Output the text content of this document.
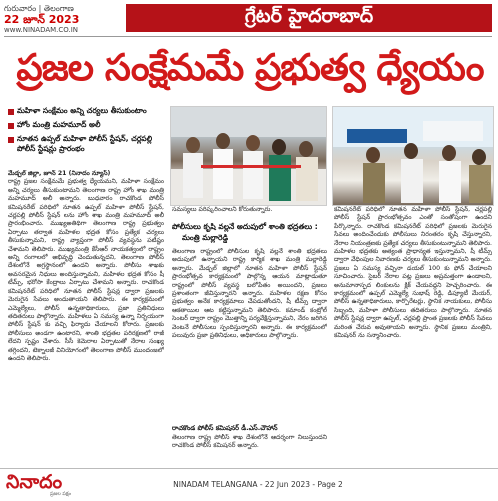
గురువారం | తెలంగాణ
22 జూన్ 2023
www.NINADAM.CO.IN
గ్రేటర్ హైదరాబాద్
ప్రజల సంక్షేమమే ప్రభుత్వ ధ్యేయం
మహిళా సంక్షేమం అన్ని చర్యలు తీసుకుంటాం
హోం మంత్రి మహమూద్ అలీ
నూతన ఉప్పల్ మహిళా పోలీస్ స్టేషన్, చర్లపల్లి పోలీస్ స్టేషన్లు ప్రారంభం
మేడ్చల్ జిల్లా, జూన్ 21 (నినాదం న్యూస్)
రాష్ట్ర ప్రజల సంక్షేమమే ప్రభుత్వ ధ్యేయమని, మహిళా సంక్షేమం అన్ని చర్యలు తీసుకుంటామని తెలంగాణ రాష్ట్ర హోం శాఖ మంత్రి మహమూద్ అలీ అన్నారు. బుధవారం రాచకొండ పోలీస్ కమిషనరేట్ పరిధిలో నూతన ఉప్పల్ మహిళా పోలీస్ స్టేషన్, చర్లపల్లి పోలీస్ స్టేషన్ లను హోం శాఖ మంత్రి మహమూద్ అలీ ప్రారంభించారు. ముఖ్యఅతిథిగా తెలంగాణ రాష్ట్ర ప్రభుత్వం ఏర్పాటు తర్వాత మహిళల భద్రత కోసం ప్రత్యేక చర్యలు తీసుకున్నామని, రాష్ట్ర వ్యాప్తంగా పోలీస్ వ్యవస్థను పటిష్టం చేశామని తెలిపారు. ముఖ్యమంత్రి కేసీఆర్ నాయకత్వంలో రాష్ట్రం అన్ని రంగాలలో అభివృద్ధి చెందుతున్నదని, తెలంగాణ పోలీస్ దేశంలోనే అగ్రస్థానంలో ఉందని అన్నారు. పోలీసు శాఖకు అవసరమైన నిధులు అందిస్తున్నామని, మహిళల భద్రత కోసం షీ టీమ్స్, భరోసా కేంద్రాలు ఏర్పాటు చేశామని అన్నారు. రాచకొండ కమిషనరేట్ పరిధిలో నూతన పోలీస్ స్టేషన్ల ద్వారా ప్రజలకు మెరుగైన సేవలు అందుతాయని తెలిపారు. ఈ కార్యక్రమంలో ఎమ్మెల్యేలు, పోలీస్ ఉన్నతాధికారులు, ప్రజా ప్రతినిధులు తదితరులు పాల్గొన్నారు. మహిళలు ఏ సమస్య ఉన్నా నిర్భయంగా పోలీస్ స్టేషన్ కు వచ్చి ఫిర్యాదు చేయాలని కోరారు. ప్రజలకు పోలీసులు అండగా ఉంటారని, శాంతి భద్రతల పరిరక్షణలో రాజీ లేదని స్పష్టం చేశారు. సీసీ కెమెరాల ఏర్పాటుతో నేరాల సంఖ్య తగ్గిందని, టెక్నాలజీ వినియోగంలో తెలంగాణ పోలీస్ ముందంజలో ఉందని తెలిపారు.
సమస్యలు పరిష్కరించాలని కోరుతున్నారు.
పోలీసులు కృషి వల్లనే అదుపులో శాంతి భద్రతలు :
మంత్రి మల్లారెడ్డి
తెలంగాణ రాష్ట్రంలో పోలీసుల కృషి వల్లనే శాంతి భద్రతలు అదుపులో ఉన్నాయని రాష్ట్ర కార్మిక శాఖ మంత్రి మల్లారెడ్డి అన్నారు. మేడ్చల్ జిల్లాలో నూతన మహిళా పోలీస్ స్టేషన్ ప్రారంభోత్సవ కార్యక్రమంలో పాల్గొన్న ఆయన మాట్లాడుతూ రాష్ట్రంలో పోలీస్ వ్యవస్థ బలోపేతం అయిందని, ప్రజలు ప్రశాంతంగా జీవిస్తున్నారని అన్నారు. మహిళల రక్షణ కోసం ప్రభుత్వం అనేక కార్యక్రమాలు చేపడుతోందని, షీ టీమ్స్ ద్వారా ఆకతాయిల ఆట కట్టిస్తున్నామని తెలిపారు. కమాండ్ కంట్రోల్ సెంటర్ ద్వారా రాష్ట్రం మొత్తాన్ని పర్యవేక్షిస్తున్నామని, నేరం జరిగిన వెంటనే పోలీసులు స్పందిస్తున్నారని అన్నారు. ఈ కార్యక్రమంలో పలువురు ప్రజా ప్రతినిధులు, అధికారులు పాల్గొన్నారు.
రాచకొండ పోలీస్ కమిషనర్ డీ.ఎస్.చౌహాన్
తెలంగాణ రాష్ట్ర పోలీస్ శాఖ దేశంలోనే ఆదర్శంగా నిలుస్తుందని రాచకొండ పోలీస్ కమిషనర్ అన్నారు.
కమిషనరేట్ పరిధిలో నూతన మహిళా పోలీస్ స్టేషన్, చర్లపల్లి పోలీస్ స్టేషన్ ప్రారంభోత్సవం ఎంతో సంతోషంగా ఉందని పేర్కొన్నారు. రాచకొండ కమిషనరేట్ పరిధిలో ప్రజలకు మెరుగైన సేవలు అందించేందుకు పోలీసులు నిరంతరం కృషి చేస్తున్నారని, నేరాల నియంత్రణకు ప్రత్యేక చర్యలు తీసుకుంటున్నామని తెలిపారు. మహిళల భద్రతకు అత్యంత ప్రాధాన్యత ఇస్తున్నామని, షీ టీమ్స్ ద్వారా వేధింపుల నివారణకు చర్యలు తీసుకుంటున్నామని అన్నారు. ప్రజలు ఏ సమస్య వచ్చినా డయల్ 100 కు ఫోన్ చేయాలని సూచించారు. సైబర్ నేరాల పట్ల ప్రజలు అప్రమత్తంగా ఉండాలని, అనుమానాస్పద లింకులను క్లిక్ చేయవద్దని హెచ్చరించారు. ఈ కార్యక్రమంలో ఉప్పల్ ఎమ్మెల్యే సుభాష్ రెడ్డి, డిప్యూటీ మేయర్, పోలీస్ ఉన్నతాధికారులు, కార్పొరేటర్లు, స్థానిక నాయకులు, పోలీసు సిబ్బంది, మహిళా పోలీసులు తదితరులు పాల్గొన్నారు. నూతన పోలీస్ స్టేషన్ల ద్వారా ఉప్పల్, చర్లపల్లి ప్రాంత ప్రజలకు పోలీస్ సేవలు మరింత చేరువ అవుతాయని అన్నారు. స్థానిక ప్రజలు మంత్రిని, కమిషనర్ ను సన్మానించారు.
నినాదం
ప్రజల పక్షం
NINADAM TELANGANA - 22 Jun 2023 - Page 2
